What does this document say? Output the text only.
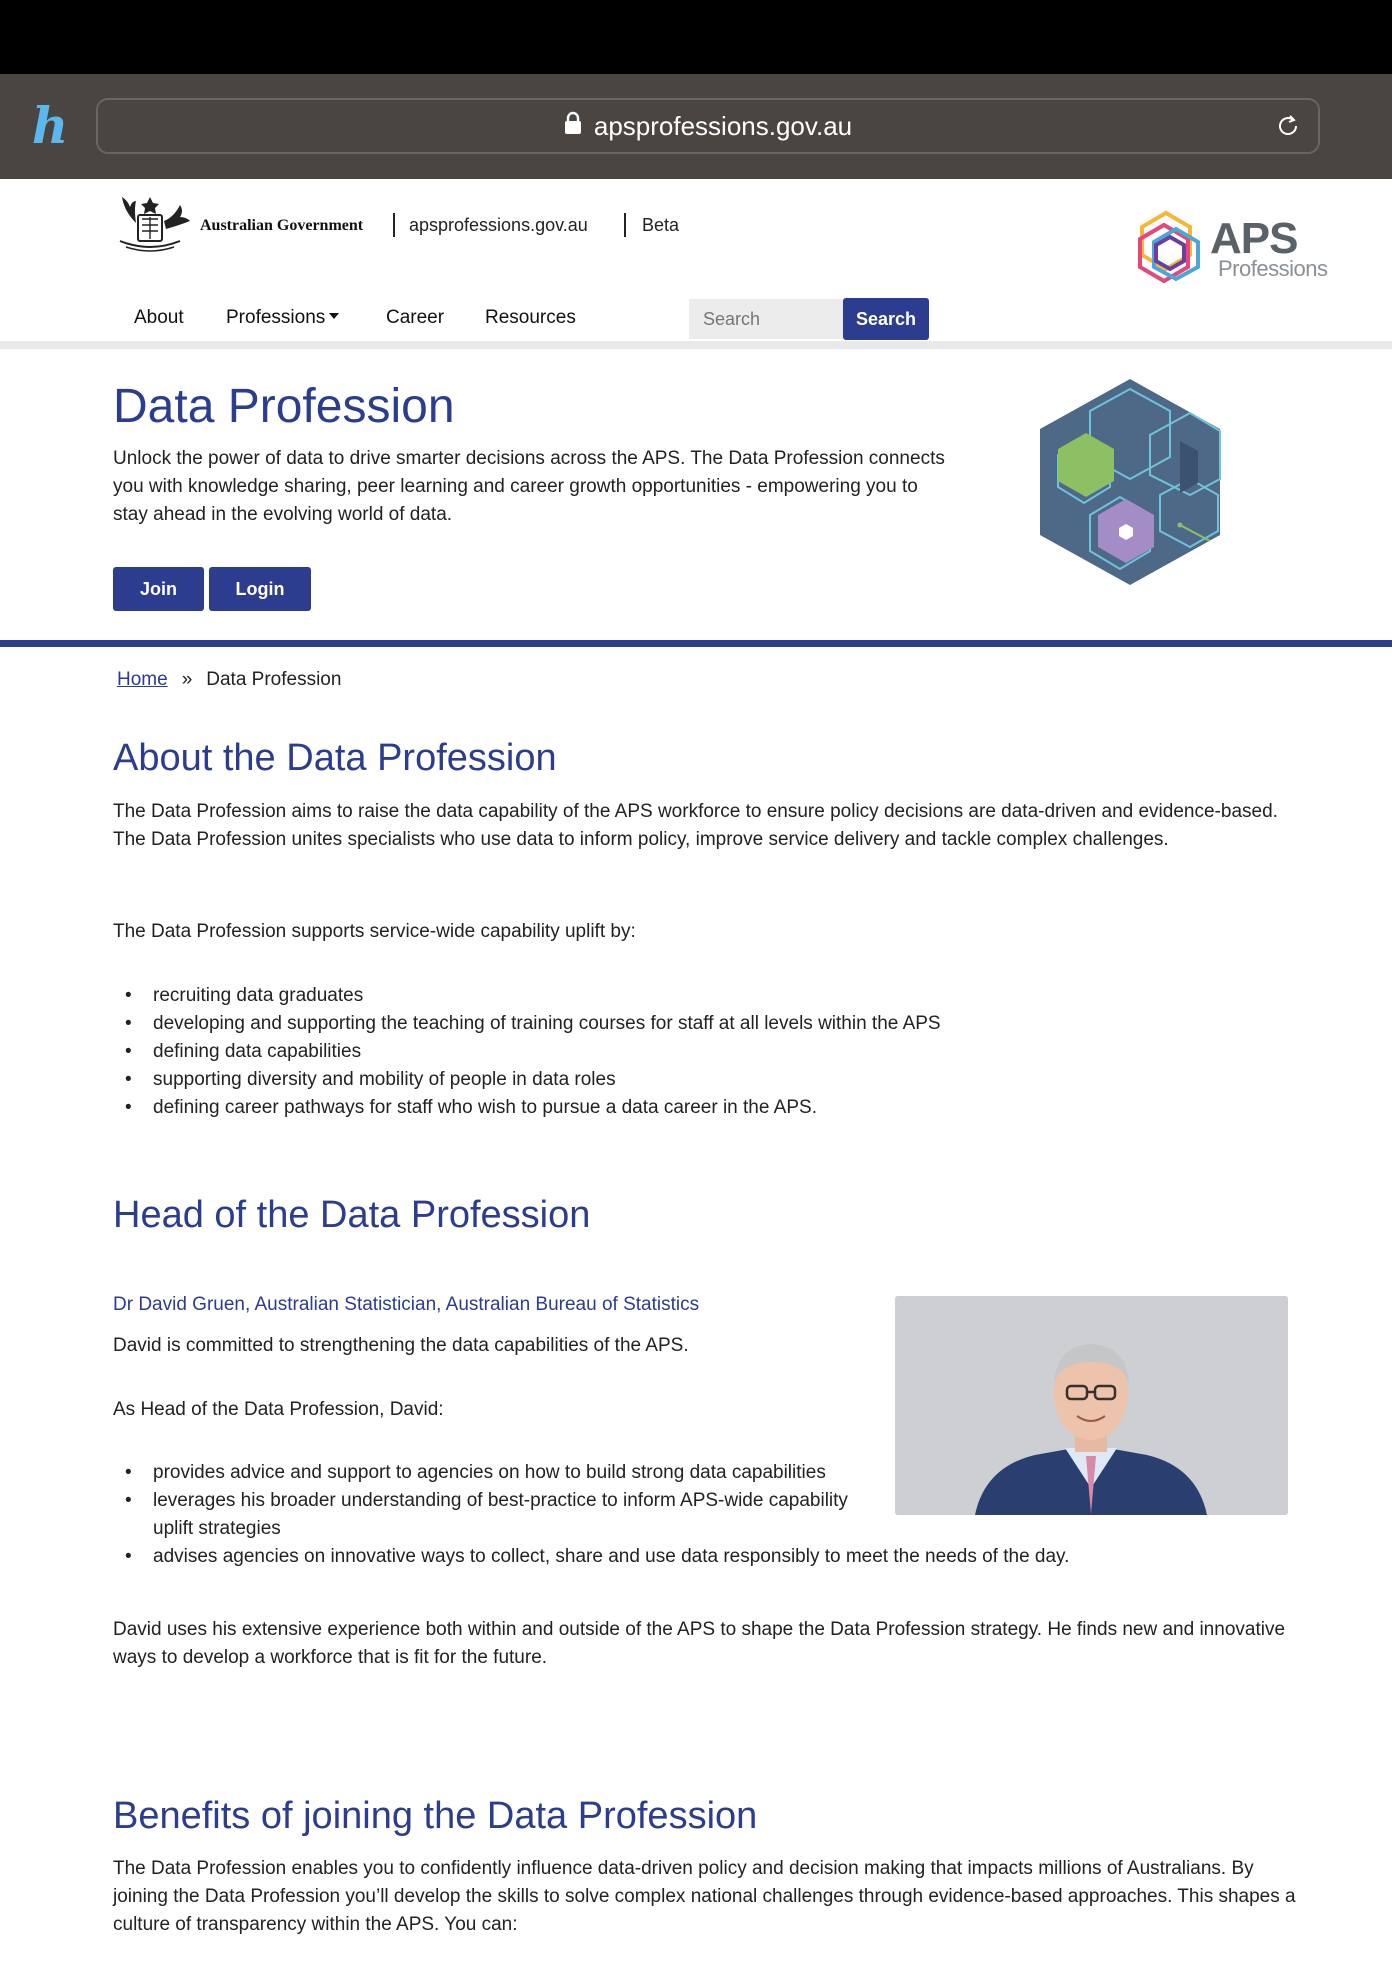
h	apsprofessions.gov.au
Australian Government	apsprofessions.gov.au	Beta	APS
Professions
About Professions	Career Resources
Search	Search
Data Profession

Unlock the power of data to drive smarter decisions across the APS. The Data Profession connects you with knowledge sharing, peer learning and career growth opportunities - empowering you to stay ahead in the evolving world of data.

Join	Login
Home » Data Profession
About the Data Profession

The Data Profession aims to raise the data capability of the APS workforce to ensure policy decisions are data-driven and evidence-based. The Data Profession unites specialists who use data to inform policy, improve service delivery and tackle complex challenges.

The Data Profession supports service-wide capability uplift by:

• recruiting data graduates
• developing and supporting the teaching of training courses for staff at all levels within the APS
• defining data capabilities
• supporting diversity and mobility of people in data roles
• defining career pathways for staff who wish to pursue a data career in the APS.
Head of the Data Profession
Dr David Gruen, Australian Statistician, Australian Bureau of Statistics

David is committed to strengthening the data capabilities of the APS.

As Head of the Data Profession, David:

• provides advice and support to agencies on how to build strong data capabilities
• leverages his broader understanding of best-practice to inform APS-wide capability uplift strategies
• advises agencies on innovative ways to collect, share and use data responsibly to meet the needs of the day.

David uses his extensive experience both within and outside of the APS to shape the Data Profession strategy. He finds new and innovative ways to develop a workforce that is fit for the future.

Benefits of joining the Data Profession

The Data Profession enables you to confidently influence data-driven policy and decision making that impacts millions of Australians. By joining the Data Profession you’ll develop the skills to solve complex national challenges through evidence-based approaches. This shapes a culture of transparency within the APS. You can:
